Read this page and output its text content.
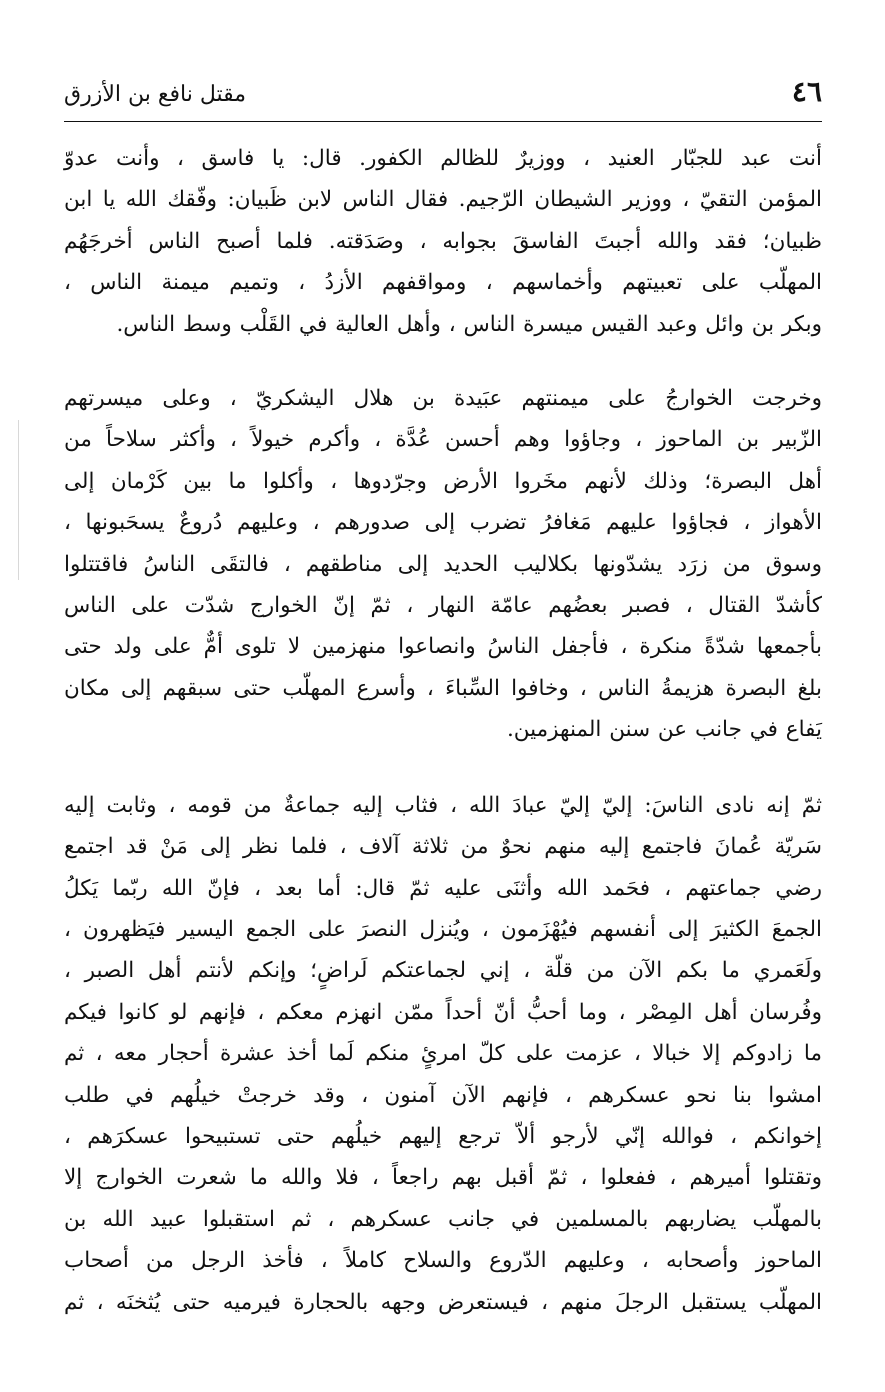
٤٦
مقتل نافع بن الأزرق
أنت عبد للجبّار العنيد ، ووزيرٌ للظالم الكفور. قال: يا فاسق ، وأنت عدوّ
المؤمن التقيّ ، ووزير الشيطان الرّجيم. فقال الناس لابن ظَبيان: وفّقك الله يا ابن
ظبيان؛ فقد والله أجبتَ الفاسقَ بجوابه ، وصَدَقته. فلما أصبح الناس أخرجَهُم
المهلّب على تعبيتهم وأخماسهم ، ومواقفهم الأزدُ ، وتميم ميمنة الناس ،
وبكر بن وائل وعبد القيس ميسرة الناس ، وأهل العالية في القَلْب وسط الناس.
وخرجت الخوارجُ على ميمنتهم عبَيدة بن هلال اليشكريّ ، وعلى ميسرتهم
الزّبير بن الماحوز ، وجاؤوا وهم أحسن عُدَّة ، وأكرم خيولاً ، وأكثر سلاحاً من
أهل البصرة؛ وذلك لأنهم مخَروا الأرض وجرّدوها ، وأكلوا ما بين كَرْمان إلى
الأهواز ، فجاؤوا عليهم مَغافرُ تضرب إلى صدورهم ، وعليهم دُروعٌ يسحَبونها ،
وسوق من زرَد يشدّونها بكلاليب الحديد إلى مناطقهم ، فالتقَى الناسُ فاقتتلوا
كأشدّ القتال ، فصبر بعضُهم عامّة النهار ، ثمّ إنّ الخوارج شدّت على الناس
بأجمعها شدّةً منكرة ، فأجفل الناسُ وانصاعوا منهزمين لا تلوى أمٌّ على ولد حتى
بلغ البصرة هزيمةُ الناس ، وخافوا السِّباءَ ، وأسرع المهلّب حتى سبقهم إلى مكان
يَفاع في جانب عن سنن المنهزمين.
ثمّ إنه نادى الناسَ: إليّ إليّ عبادَ الله ، فثاب إليه جماعةٌ من قومه ، وثابت إليه
سَريّة عُمانَ فاجتمع إليه منهم نحوٌ من ثلاثة آلاف ، فلما نظر إلى مَنْ قد اجتمع
رضي جماعتهم ، فحَمد الله وأثنَى عليه ثمّ قال: أما بعد ، فإنّ الله ربّما يَكلُ
الجمعَ الكثيرَ إلى أنفسهم فيُهْزَمون ، ويُنزل النصرَ على الجمع اليسير فيَظهرون ،
ولَعَمري ما بكم الآن من قلّة ، إني لجماعتكم لَراضٍ؛ وإنكم لأنتم أهل الصبر ،
وفُرسان أهل المِصْر ، وما أحبُّ أنّ أحداً ممّن انهزم معكم ، فإنهم لو كانوا فيكم
ما زادوكم إلا خبالا ، عزمت على كلّ امرئٍ منكم لَما أخذ عشرة أحجار معه ، ثم
امشوا بنا نحو عسكرهم ، فإنهم الآن آمنون ، وقد خرجتْ خيلُهم في طلب
إخوانكم ، فوالله إنّي لأرجو ألاّ ترجع إليهم خيلُهم حتى تستبيحوا عسكرَهم ،
وتقتلوا أميرهم ، ففعلوا ، ثمّ أقبل بهم راجعاً ، فلا والله ما شعرت الخوارج إلا
بالمهلّب يضاربهم بالمسلمين في جانب عسكرهم ، ثم استقبلوا عبيد الله بن
الماحوز وأصحابه ، وعليهم الدّروع والسلاح كاملاً ، فأخذ الرجل من أصحاب
المهلّب يستقبل الرجلَ منهم ، فيستعرض وجهه بالحجارة فيرميه حتى يُثخنَه ، ثم
